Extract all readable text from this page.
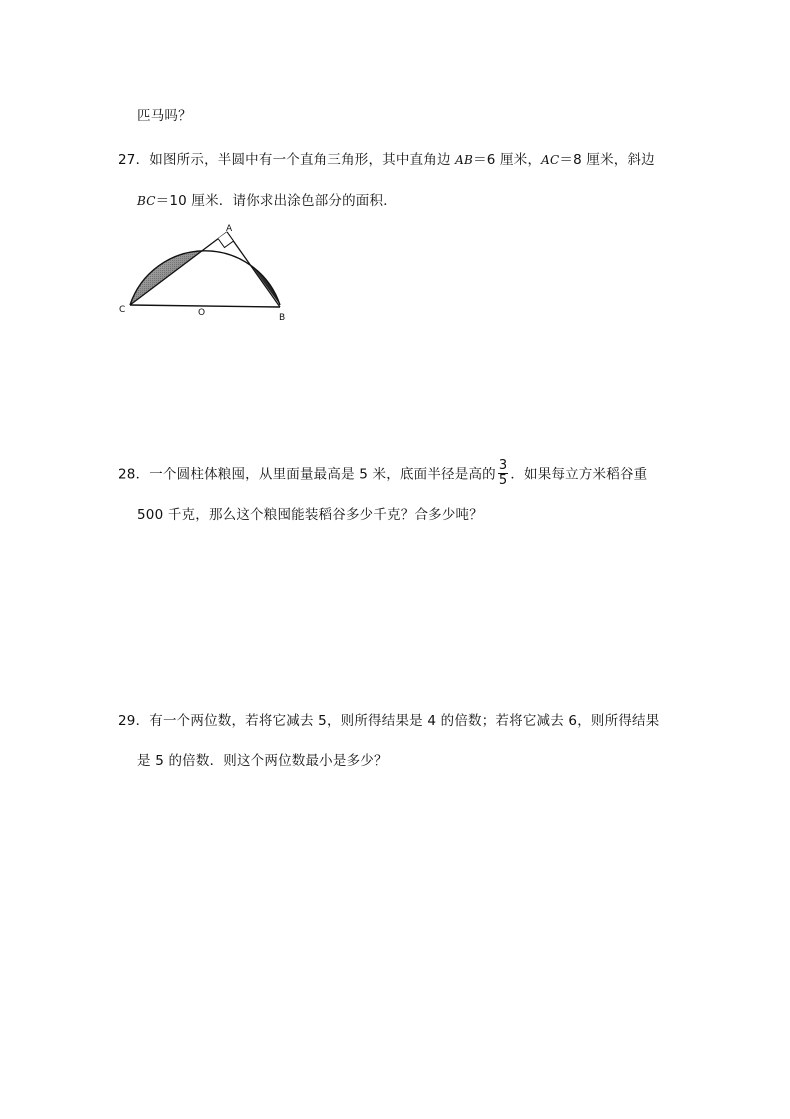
匹马吗？
27．如图所示，半圆中有一个直角三角形，其中直角边 AB＝6 厘米，AC＝8 厘米，斜边
BC＝10 厘米．请你求出涂色部分的面积．
A
C	O	B
28．一个圆柱体粮囤，从里面量最高是 5 米，底面半径是高的 $\frac{3}{5}$ ．如果每立方米稻谷重
500 千克，那么这个粮囤能装稻谷多少千克？合多少吨？
29．有一个两位数，若将它减去 5，则所得结果是 4 的倍数；若将它减去 6，则所得结果
是 5 的倍数．则这个两位数最小是多少？
